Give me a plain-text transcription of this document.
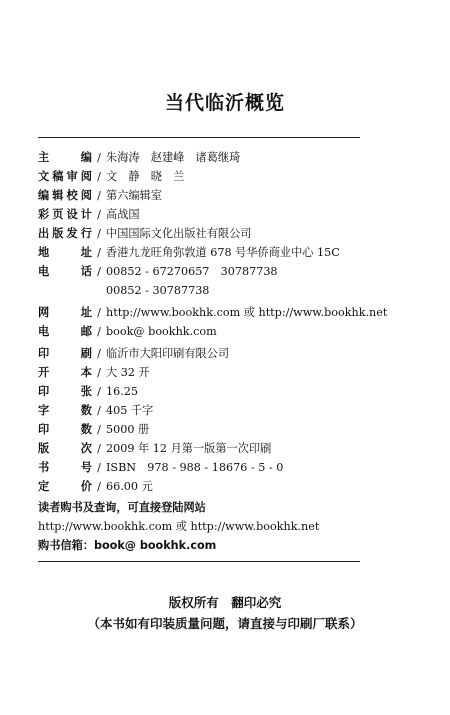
当代临沂概览
主编 / 朱海涛　赵建峰　诸葛继琦
文稿审阅 / 文　静　晓　兰
编辑校阅 / 第六编辑室
彩页设计 / 高战国
出版发行 / 中国国际文化出版社有限公司
地址 / 香港九龙旺角弥敦道 678 号华侨商业中心 15C
电话 / 00852 - 67270657　30787738
00852 - 30787738
网址 / http://www.bookhk.com 或 http://www.bookhk.net
电邮 / book@ bookhk.com
印刷 / 临沂市大阳印刷有限公司
开本 / 大 32 开
印张 / 16.25
字数 / 405 千字
印数 / 5000 册
版次 / 2009 年 12 月第一版第一次印刷
书号 / ISBN　978 - 988 - 18676 - 5 - 0
定价 / 66.00 元
读者购书及查询，可直接登陆网站
http://www.bookhk.com 或 http://www.bookhk.net
购书信箱：book@ bookhk.com
版权所有　翻印必究
（本书如有印装质量问题，请直接与印刷厂联系）
